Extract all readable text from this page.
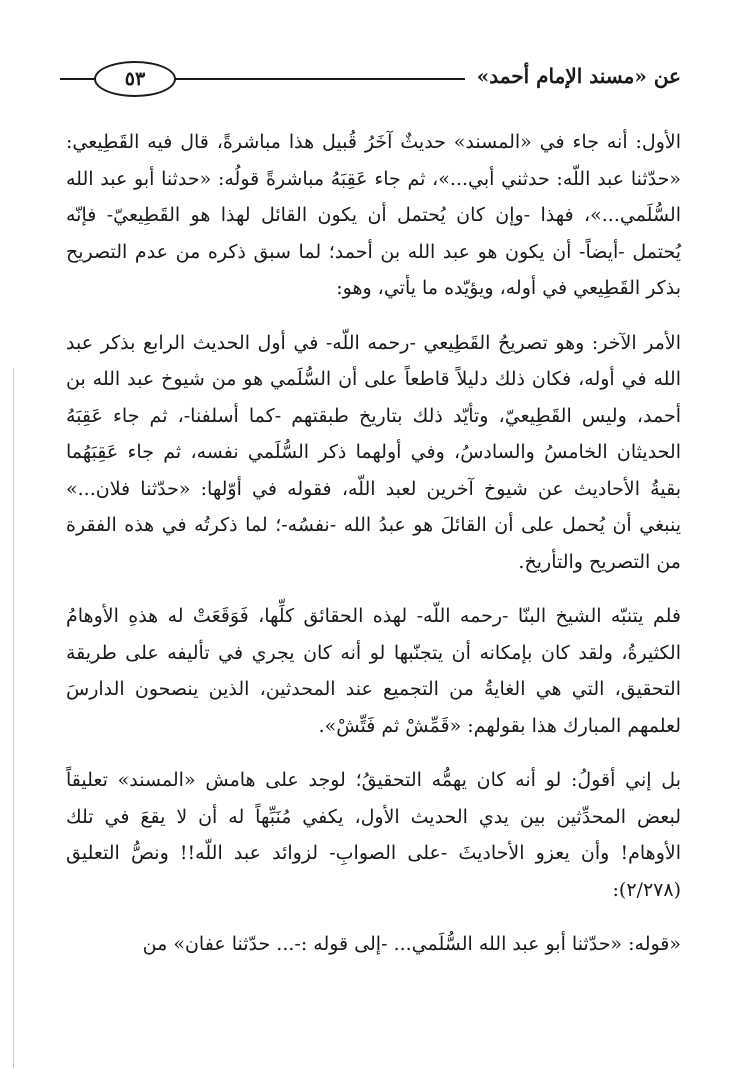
عن «مسند الإمام أحمد»
٥٣

الأول: أنه جاء في «المسند» حديثٌ آخَرُ قُبيل هذا مباشرةً، قال فيه القَطِيعي: «حدّثنا عبد اللّه: حدثني أبي...»، ثم جاء عَقِبَهُ مباشرةً قولُه: «حدثنا أبو عبد الله السُّلَمي...»، فهذا -وإن كان يُحتمل أن يكون القائل لهذا هو القَطِيعيّ- فإنّه يُحتمل -أيضاً- أن يكون هو عبد الله بن أحمد؛ لما سبق ذكره من عدم التصريح بذكر القَطِيعي في أوله، ويؤيّده ما يأتي، وهو:

الأمر الآخر: وهو تصريحُ القَطِيعي -رحمه اللّه- في أول الحديث الرابع بذكر عبد الله في أوله، فكان ذلك دليلاً قاطعاً على أن السُّلَمي هو من شيوخ عبد الله بن أحمد، وليس القَطِيعيّ، وتأيّد ذلك بتاريخ طبقتهم -كما أسلفنا-، ثم جاء عَقِبَهُ الحديثان الخامسُ والسادسُ، وفي أولهما ذكر السُّلَمي نفسه، ثم جاء عَقِبَهُما بقيةُ الأحاديث عن شيوخ آخرين لعبد اللّه، فقوله في أوّلها: «حدّثنا فلان...» ينبغي أن يُحمل على أن القائلَ هو عبدُ الله -نفسُه-؛ لما ذكرتُه في هذه الفقرة من التصريح والتأريخ.

فلم يتنبّه الشيخ البنّا -رحمه اللّه- لهذه الحقائق كلِّها، فَوَقَعَتْ له هذهِ الأوهامُ الكثيرةُ، ولقد كان بإمكانه أن يتجنّبها لو أنه كان يجري في تأليفه على طريقة التحقيق، التي هي الغايةُ من التجميع عند المحدثين، الذين ينصحون الدارسَ لعلمهم المبارك هذا بقولهم: «قَمِّشْ ثم فَتِّشْ».

بل إني أقولُ: لو أنه كان يهمُّه التحقيقُ؛ لوجد على هامش «المسند» تعليقاً لبعض المحدِّثين بين يدي الحديث الأول، يكفي مُنَبِّهاً له أن لا يقعَ في تلك الأوهام! وأن يعزو الأحاديثَ -على الصوابِ- لزوائد عبد اللّه!! ونصُّ التعليق (٢/٢٧٨):

«قوله: «حدّثنا أبو عبد الله السُّلَمي... -إلى قوله :-... حدّثنا عفان» من
